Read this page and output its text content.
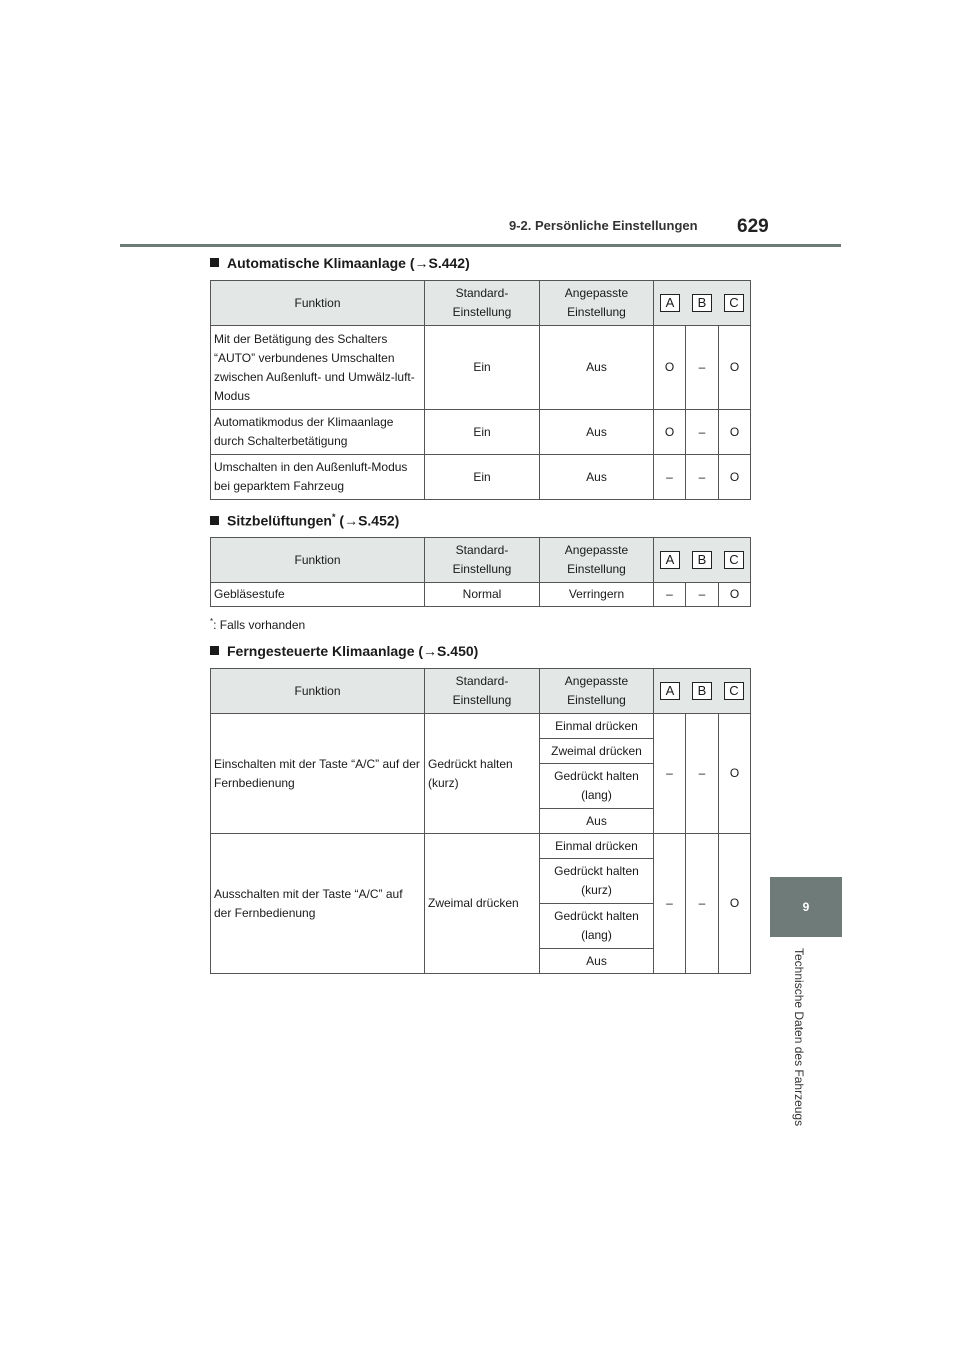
9-2. Persönliche Einstellungen 629
9
Technische Daten des Fahrzeugs
Automatische Klimaanlage (→S.442)
Funktion	Standard-Einstellung	Angepasste Einstellung	A B C		

Mit der Betätigung des Schalters “AUTO” verbundenes Umschalten zwischen Außenluft- und Umwälz-luft-Modus	Ein	Aus	O	–	O
Automatikmodus der Klimaanlage durch Schalterbetätigung	Ein	Aus	O	–	O
Umschalten in den Außenluft-Modus bei geparktem Fahrzeug	Ein	Aus	–	–	O
Sitzbelüftungen* (→S.452)
Funktion	Standard-Einstellung	Angepasste Einstellung	A B C		

Gebläsestufe	Normal	Verringern	–	–	O
*: Falls vorhanden
Ferngesteuerte Klimaanlage (→S.450)
Funktion	Standard-Einstellung	Angepasste Einstellung	A B C		

Einschalten mit der Taste “A/C” auf der Fernbedienung	Gedrückt halten (kurz)	Einmal drücken	–	–	O
		Zweimal drücken			
		Gedrückt halten (lang)			
		Aus			
Ausschalten mit der Taste “A/C” auf der Fernbedienung	Zweimal drücken	Einmal drücken	–	–	O
		Gedrückt halten (kurz)			
		Gedrückt halten (lang)			
		Aus			
